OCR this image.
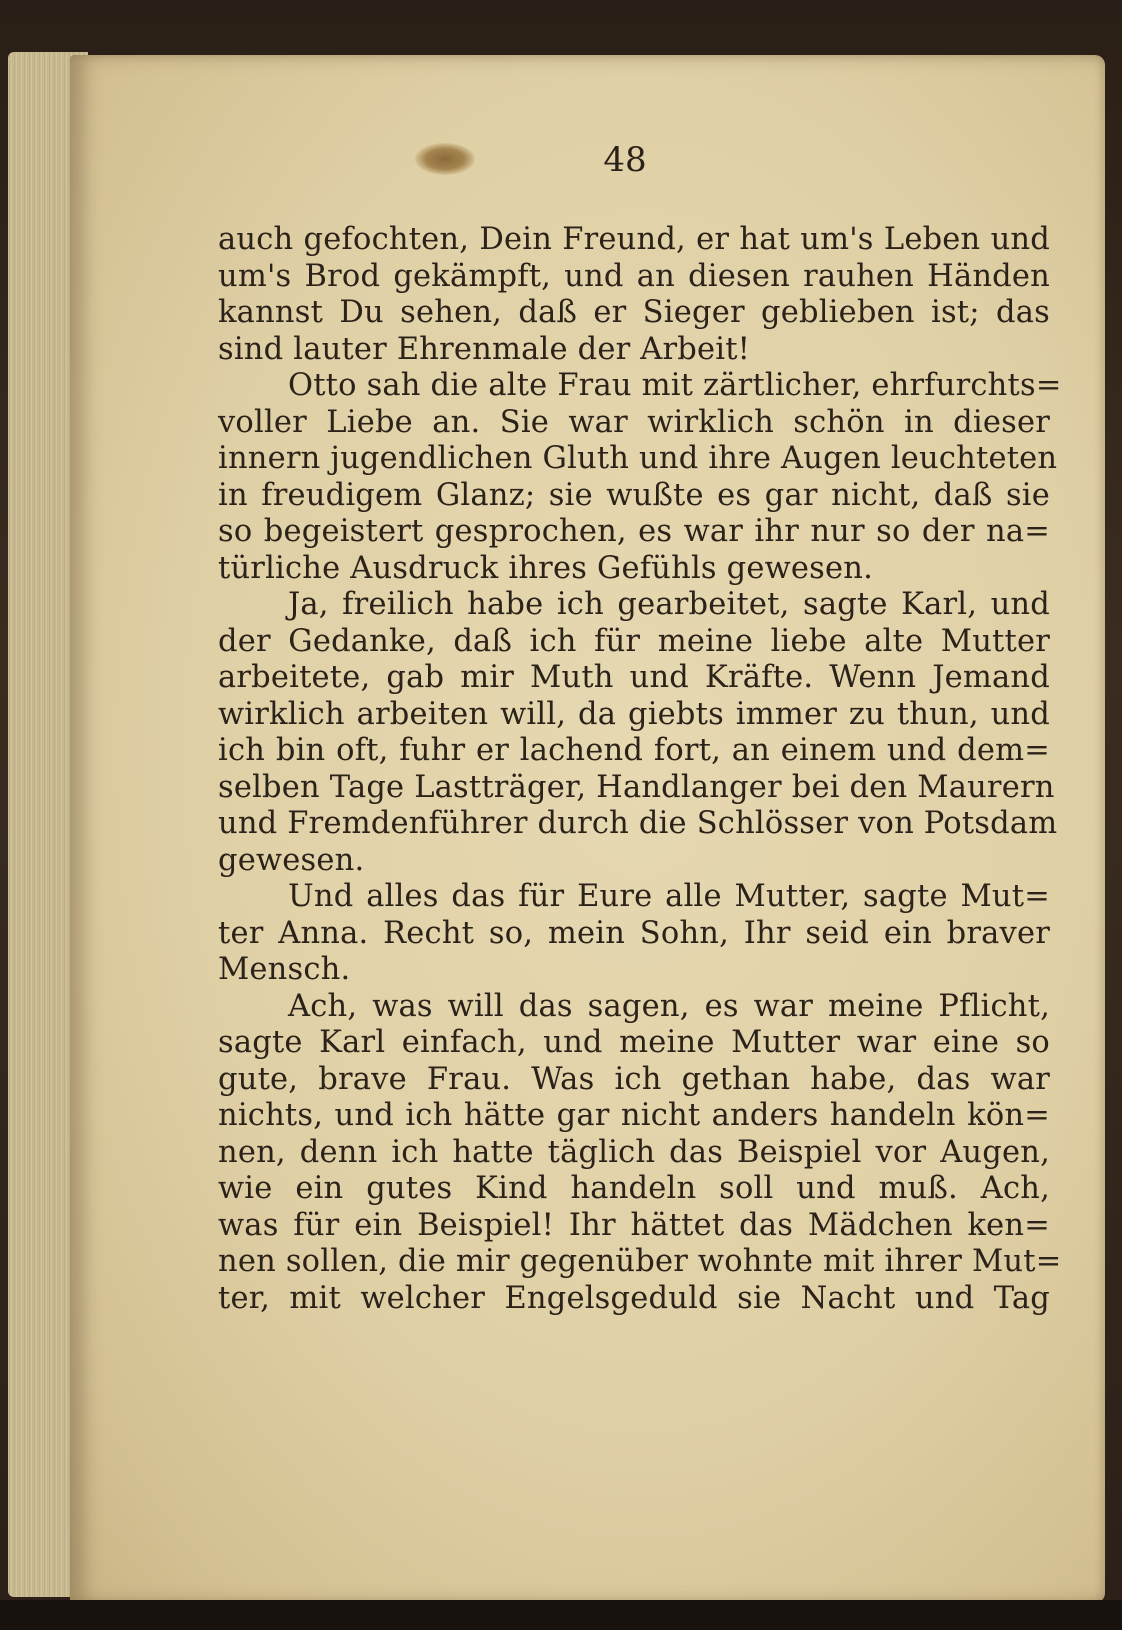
48
auch gefochten, Dein Freund, er hat um's Leben und
um's Brod gekämpft, und an diesen rauhen Händen
kannst Du sehen, daß er Sieger geblieben ist; das
sind lauter Ehrenmale der Arbeit!
Otto sah die alte Frau mit zärtlicher, ehrfurchts=
voller Liebe an. Sie war wirklich schön in dieser
innern jugendlichen Gluth und ihre Augen leuchteten
in freudigem Glanz; sie wußte es gar nicht, daß sie
so begeistert gesprochen, es war ihr nur so der na=
türliche Ausdruck ihres Gefühls gewesen.
Ja, freilich habe ich gearbeitet, sagte Karl, und
der Gedanke, daß ich für meine liebe alte Mutter
arbeitete, gab mir Muth und Kräfte. Wenn Jemand
wirklich arbeiten will, da giebts immer zu thun, und
ich bin oft, fuhr er lachend fort, an einem und dem=
selben Tage Lastträger, Handlanger bei den Maurern
und Fremdenführer durch die Schlösser von Potsdam
gewesen.
Und alles das für Eure alle Mutter, sagte Mut=
ter Anna. Recht so, mein Sohn, Ihr seid ein braver
Mensch.
Ach, was will das sagen, es war meine Pflicht,
sagte Karl einfach, und meine Mutter war eine so
gute, brave Frau. Was ich gethan habe, das war
nichts, und ich hätte gar nicht anders handeln kön=
nen, denn ich hatte täglich das Beispiel vor Augen,
wie ein gutes Kind handeln soll und muß. Ach,
was für ein Beispiel! Ihr hättet das Mädchen ken=
nen sollen, die mir gegenüber wohnte mit ihrer Mut=
ter, mit welcher Engelsgeduld sie Nacht und Tag
